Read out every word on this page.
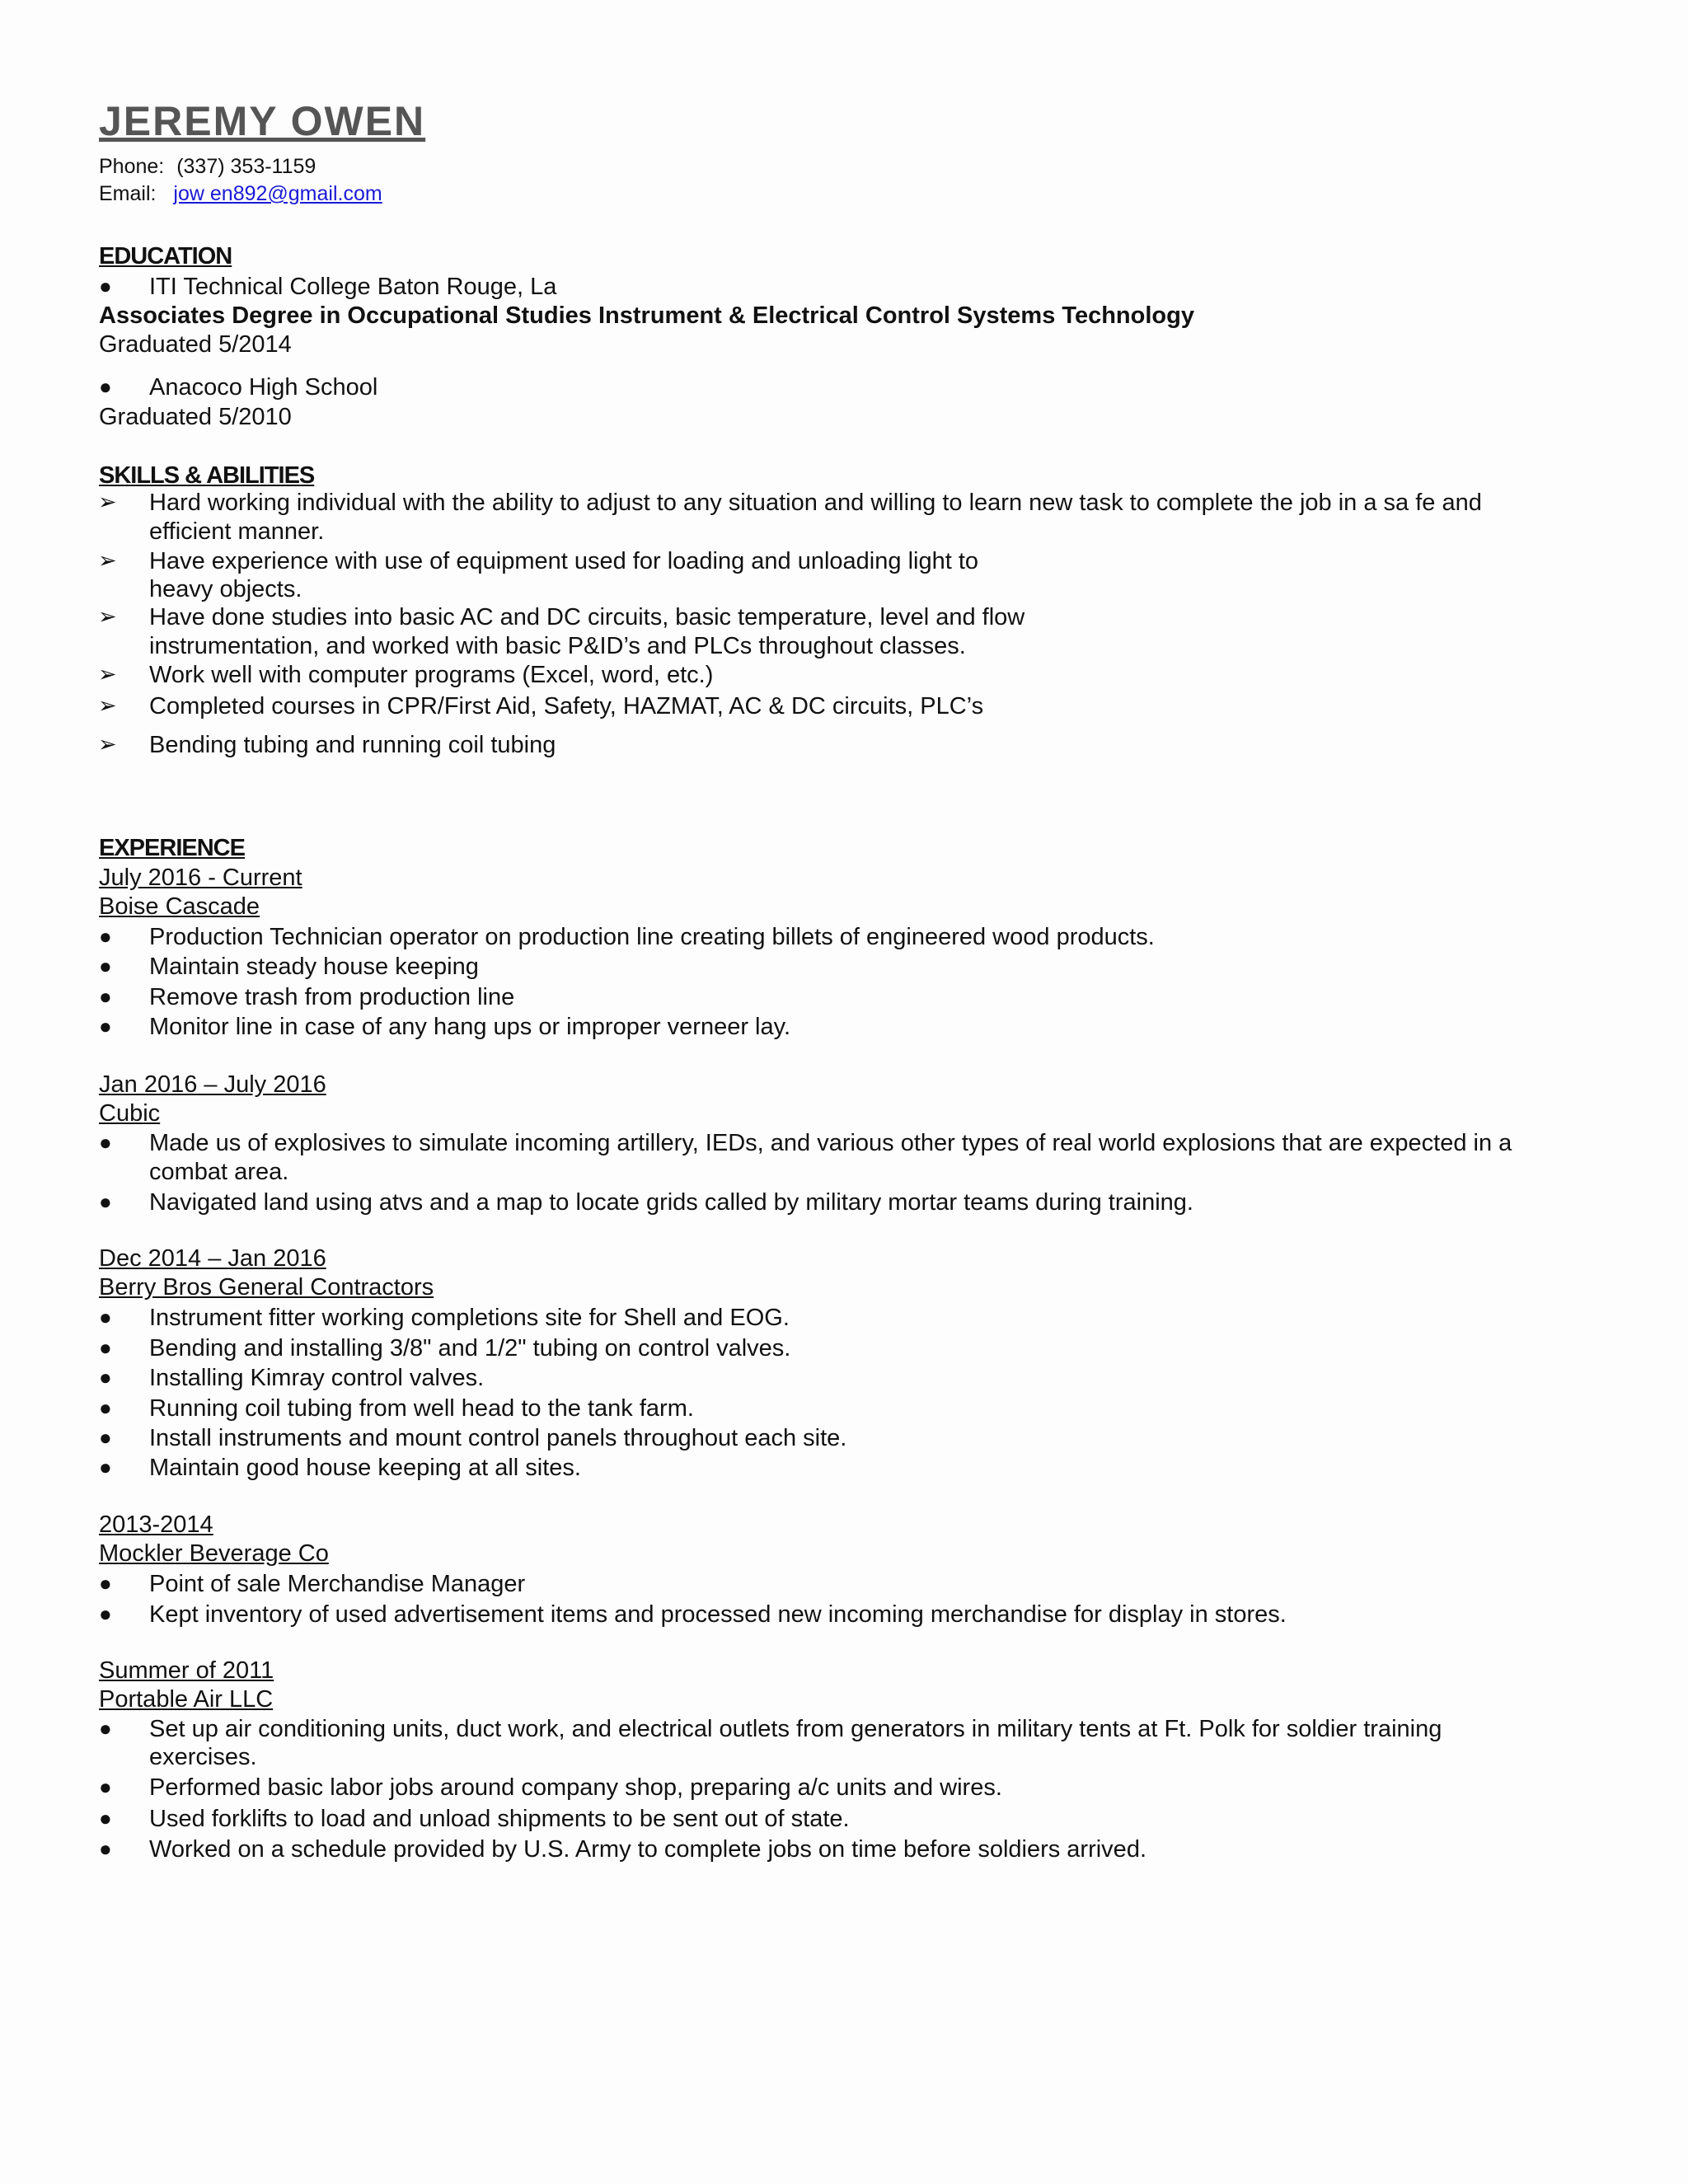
JEREMY OWEN
Phone: (337) 353-1159
Email: jow en892@gmail.com
EDUCATION
● ITI Technical College Baton Rouge, La
Associates Degree in Occupational Studies Instrument & Electrical Control Systems Technology
Graduated 5/2014
● Anacoco High School
Graduated 5/2010
SKILLS & ABILITIES
➢ Hard working individual with the ability to adjust to any situation and willing to learn new task to complete the job in a sa fe and
efficient manner.
➢ Have experience with use of equipment used for loading and unloading light to
heavy objects.
➢ Have done studies into basic AC and DC circuits, basic temperature, level and flow
instrumentation, and worked with basic P&ID’s and PLCs throughout classes.
➢ Work well with computer programs (Excel, word, etc.)
➢ Completed courses in CPR/First Aid, Safety, HAZMAT, AC & DC circuits, PLC’s
➢ Bending tubing and running coil tubing
EXPERIENCE
July 2016 - Current
Boise Cascade
● Production Technician operator on production line creating billets of engineered wood products.
● Maintain steady house keeping
● Remove trash from production line
● Monitor line in case of any hang ups or improper verneer lay.
Jan 2016 – July 2016
Cubic
● Made us of explosives to simulate incoming artillery, IEDs, and various other types of real world explosions that are expected in a
combat area.
● Navigated land using atvs and a map to locate grids called by military mortar teams during training.
Dec 2014 – Jan 2016
Berry Bros General Contractors
● Instrument fitter working completions site for Shell and EOG.
● Bending and installing 3/8" and 1/2" tubing on control valves.
● Installing Kimray control valves.
● Running coil tubing from well head to the tank farm.
● Install instruments and mount control panels throughout each site.
● Maintain good house keeping at all sites.
2013-2014
Mockler Beverage Co
● Point of sale Merchandise Manager
● Kept inventory of used advertisement items and processed new incoming merchandise for display in stores.
Summer of 2011
Portable Air LLC
● Set up air conditioning units, duct work, and electrical outlets from generators in military tents at Ft. Polk for soldier training
exercises.
● Performed basic labor jobs around company shop, preparing a/c units and wires.
● Used forklifts to load and unload shipments to be sent out of state.
● Worked on a schedule provided by U.S. Army to complete jobs on time before soldiers arrived.
